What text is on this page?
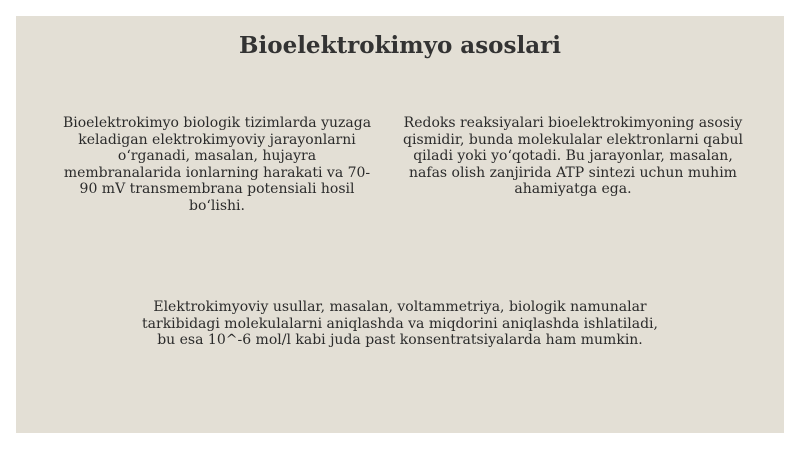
Bioelektrokimyo asoslari

Bioelektrokimyo biologik tizimlarda yuzaga keladigan elektrokimyoviy jarayonlarni oʻrganadi, masalan, hujayra membranalarida ionlarning harakati va 70-90 mV transmembrana potensiali hosil boʻlishi.

Redoks reaksiyalari bioelektrokimyoning asosiy qismidir, bunda molekulalar elektronlarni qabul qiladi yoki yoʻqotadi. Bu jarayonlar, masalan, nafas olish zanjirida ATP sintezi uchun muhim ahamiyatga ega.

Elektrokimyoviy usullar, masalan, voltammetriya, biologik namunalar tarkibidagi molekulalarni aniqlashda va miqdorini aniqlashda ishlatiladi, bu esa 10^-6 mol/l kabi juda past konsentratsiyalarda ham mumkin.
